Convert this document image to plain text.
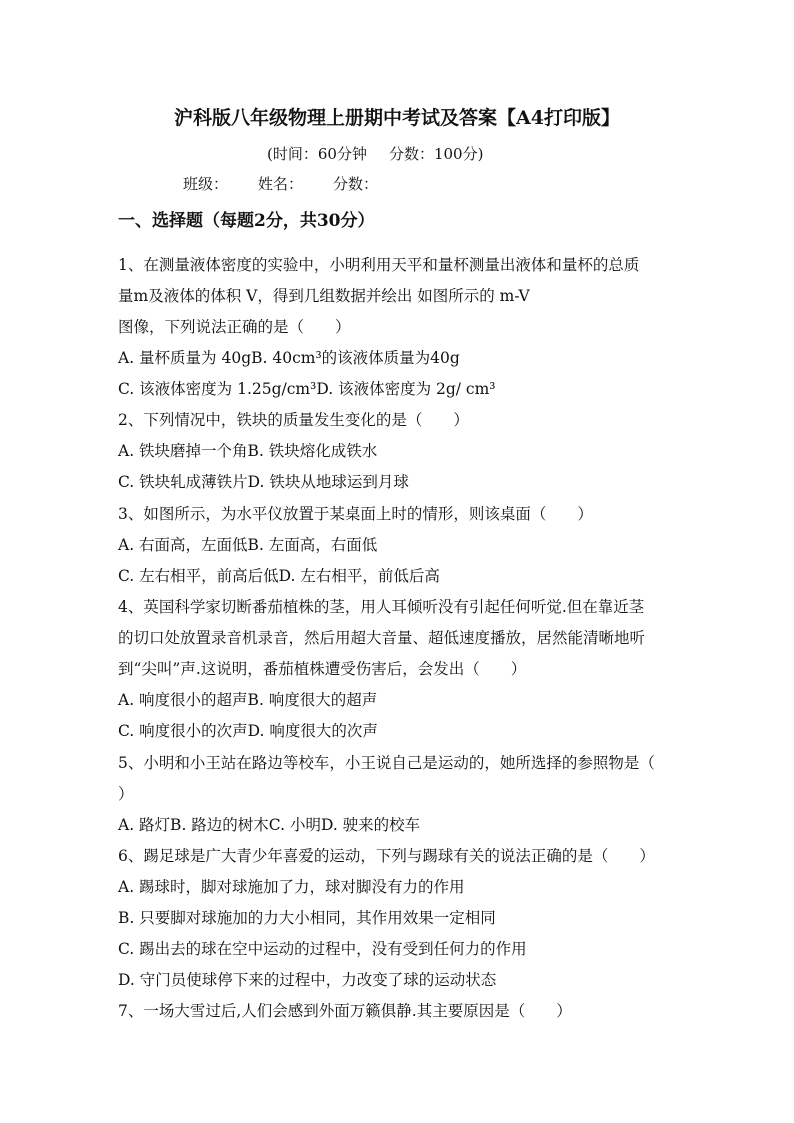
沪科版八年级物理上册期中考试及答案【A4打印版】
(时间：60分钟 分数：100分)
班级： 姓名： 分数：
一、选择题（每题2分，共30分）
1、在测量液体密度的实验中，小明利用天平和量杯测量出液体和量杯的总质
量m及液体的体积 V，得到几组数据并绘出 如图所示的 m-V
图像，下列说法正确的是（　　）
A. 量杯质量为 40gB. 40cm³的该液体质量为40g
C. 该液体密度为 1.25g/cm³D. 该液体密度为 2g/ cm³
2、下列情况中，铁块的质量发生变化的是（　　）
A. 铁块磨掉一个角B. 铁块熔化成铁水
C. 铁块轧成薄铁片D. 铁块从地球运到月球
3、如图所示，为水平仪放置于某桌面上时的情形，则该桌面（　　）
A. 右面高，左面低B. 左面高，右面低
C. 左右相平，前高后低D. 左右相平，前低后高
4、英国科学家切断番茄植株的茎，用人耳倾听没有引起任何听觉.但在靠近茎
的切口处放置录音机录音，然后用超大音量、超低速度播放，居然能清晰地听
到“尖叫”声.这说明，番茄植株遭受伤害后，会发出（　　）
A. 响度很小的超声B. 响度很大的超声
C. 响度很小的次声D. 响度很大的次声
5、小明和小王站在路边等校车，小王说自己是运动的，她所选择的参照物是（
）
A. 路灯B. 路边的树木C. 小明D. 驶来的校车
6、踢足球是广大青少年喜爱的运动，下列与踢球有关的说法正确的是（　　）
A. 踢球时，脚对球施加了力，球对脚没有力的作用
B. 只要脚对球施加的力大小相同，其作用效果一定相同
C. 踢出去的球在空中运动的过程中，没有受到任何力的作用
D. 守门员使球停下来的过程中，力改变了球的运动状态
7、一场大雪过后,人们会感到外面万籁俱静.其主要原因是（　　）
